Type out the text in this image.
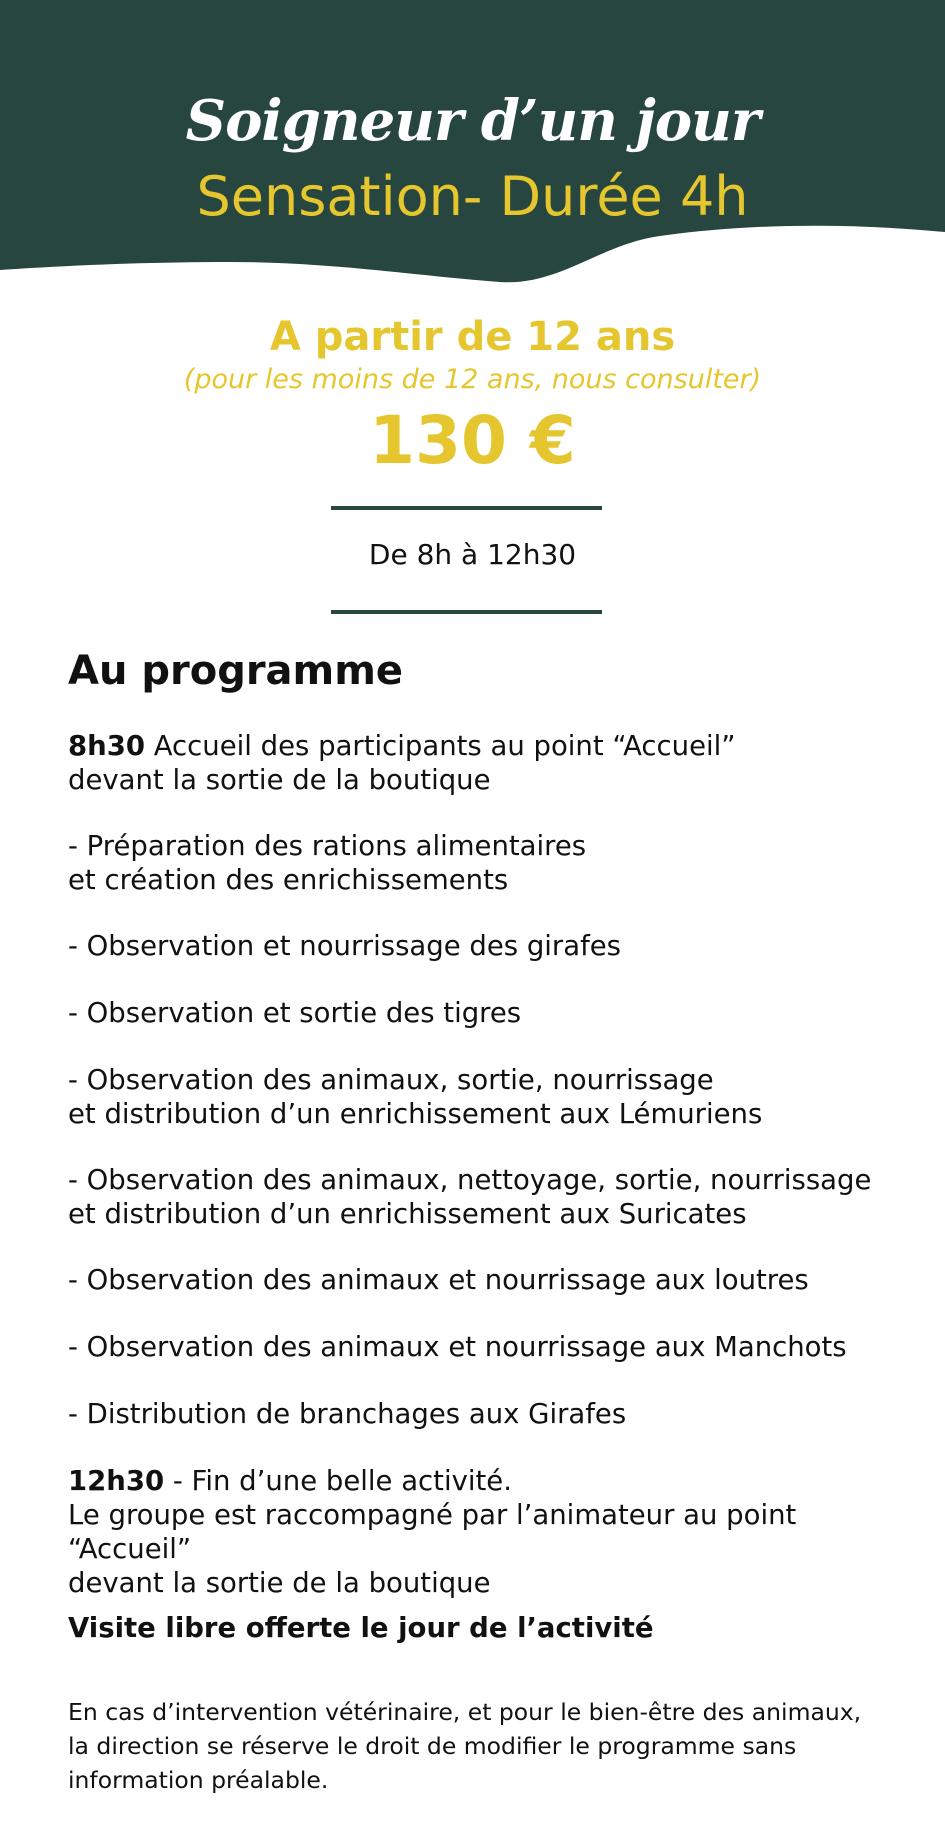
Soigneur d’un jour
Sensation- Durée 4h
A partir de 12 ans
(pour les moins de 12 ans, nous consulter)
130 €
De 8h à 12h30
Au programme
8h30 Accueil des participants au point “Accueil”
devant la sortie de la boutique
- Préparation des rations alimentaires
et création des enrichissements
- Observation et nourrissage des girafes
- Observation et sortie des tigres
- Observation des animaux, sortie, nourrissage
et distribution d’un enrichissement aux Lémuriens
- Observation des animaux, nettoyage, sortie, nourrissage
et distribution d’un enrichissement aux Suricates
- Observation des animaux et nourrissage aux loutres
- Observation des animaux et nourrissage aux Manchots
- Distribution de branchages aux Girafes
12h30 - Fin d’une belle activité.
Le groupe est raccompagné par l’animateur au point “Accueil”
devant la sortie de la boutique
Visite libre offerte le jour de l’activité
En cas d’intervention vétérinaire, et pour le bien-être des animaux,
la direction se réserve le droit de modifier le programme sans
information préalable.
